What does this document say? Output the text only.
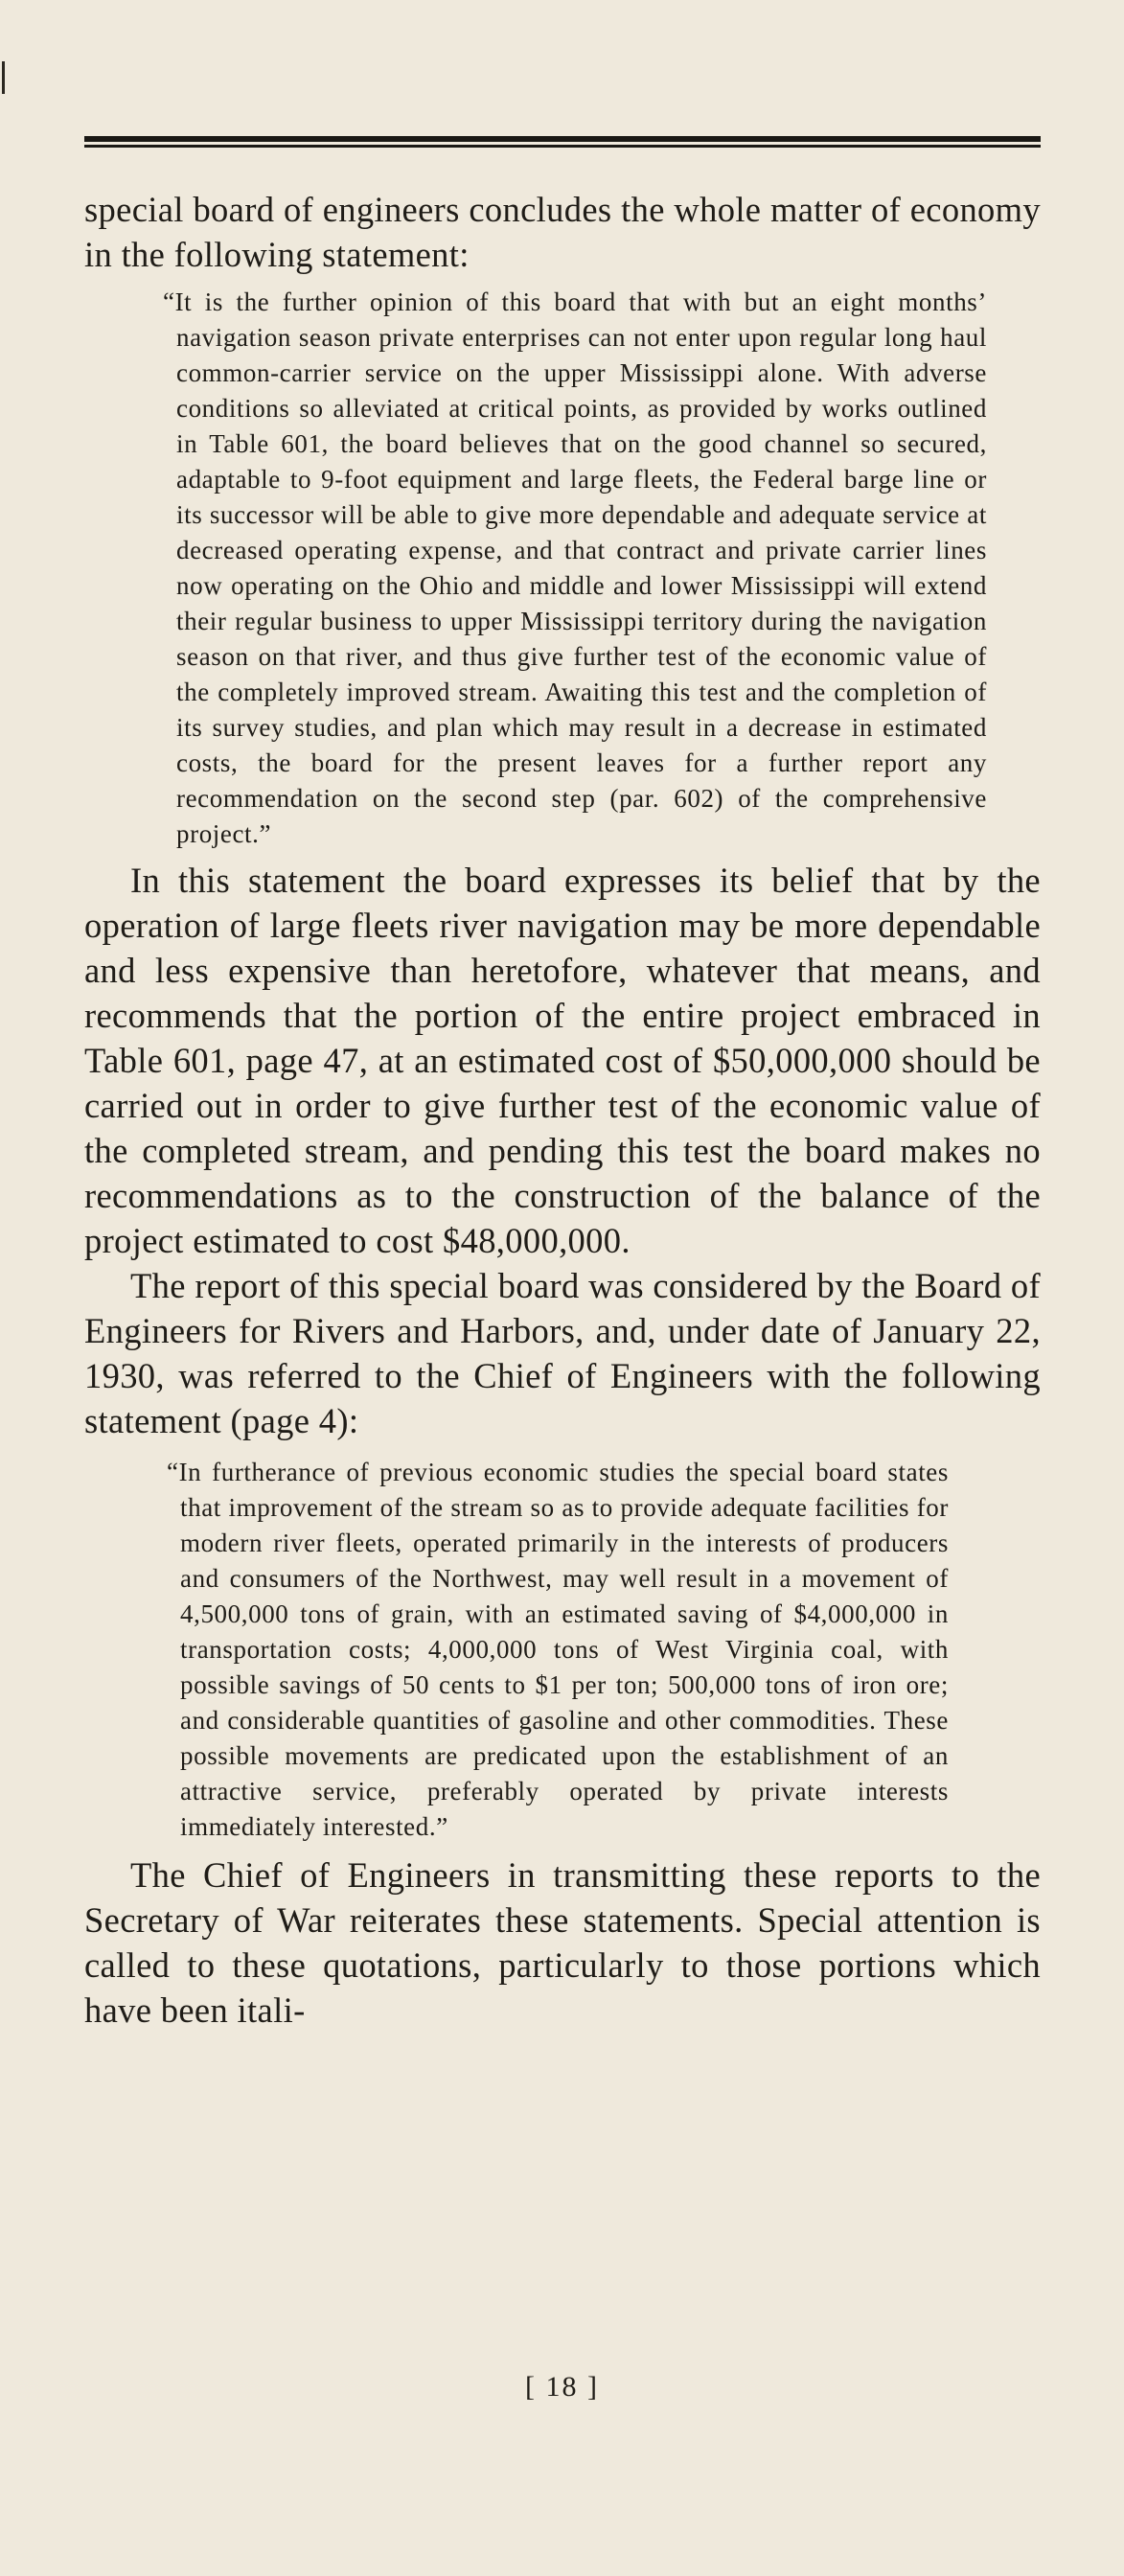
special board of engineers concludes the whole matter of economy in the following statement:

“It is the further opinion of this board that with but an eight months’ navigation season private enterprises can not enter upon regular long haul common-carrier service on the upper Mississippi alone. With adverse conditions so alleviated at critical points, as provided by works outlined in Table 601, the board believes that on the good channel so secured, adaptable to 9-foot equipment and large fleets, the Federal barge line or its successor will be able to give more dependable and adequate service at decreased operating expense, and that contract and private carrier lines now operating on the Ohio and middle and lower Mississippi will extend their regular business to upper Mississippi territory during the navigation season on that river, and thus give further test of the economic value of the completely improved stream. Awaiting this test and the completion of its survey studies, and plan which may result in a decrease in estimated costs, the board for the present leaves for a further report any recommendation on the second step (par. 602) of the comprehensive project.”

In this statement the board expresses its belief that by the operation of large fleets river navigation may be more dependable and less expensive than heretofore, whatever that means, and recommends that the portion of the entire project embraced in Table 601, page 47, at an estimated cost of $50,000,000 should be carried out in order to give further test of the economic value of the completed stream, and pending this test the board makes no recommendations as to the construction of the balance of the project estimated to cost $48,000,000.

The report of this special board was considered by the Board of Engineers for Rivers and Harbors, and, under date of January 22, 1930, was referred to the Chief of Engineers with the following statement (page 4):

“In furtherance of previous economic studies the special board states that improvement of the stream so as to provide adequate facilities for modern river fleets, operated primarily in the interests of producers and consumers of the Northwest, may well result in a movement of 4,500,000 tons of grain, with an estimated saving of $4,000,000 in transportation costs; 4,000,000 tons of West Virginia coal, with possible savings of 50 cents to $1 per ton; 500,000 tons of iron ore; and considerable quantities of gasoline and other commodities. These possible movements are predicated upon the establishment of an attractive service, preferably operated by private interests immediately interested.”

The Chief of Engineers in transmitting these reports to the Secretary of War reiterates these statements. Special attention is called to these quotations, particularly to those portions which have been itali-

[ 18 ]
